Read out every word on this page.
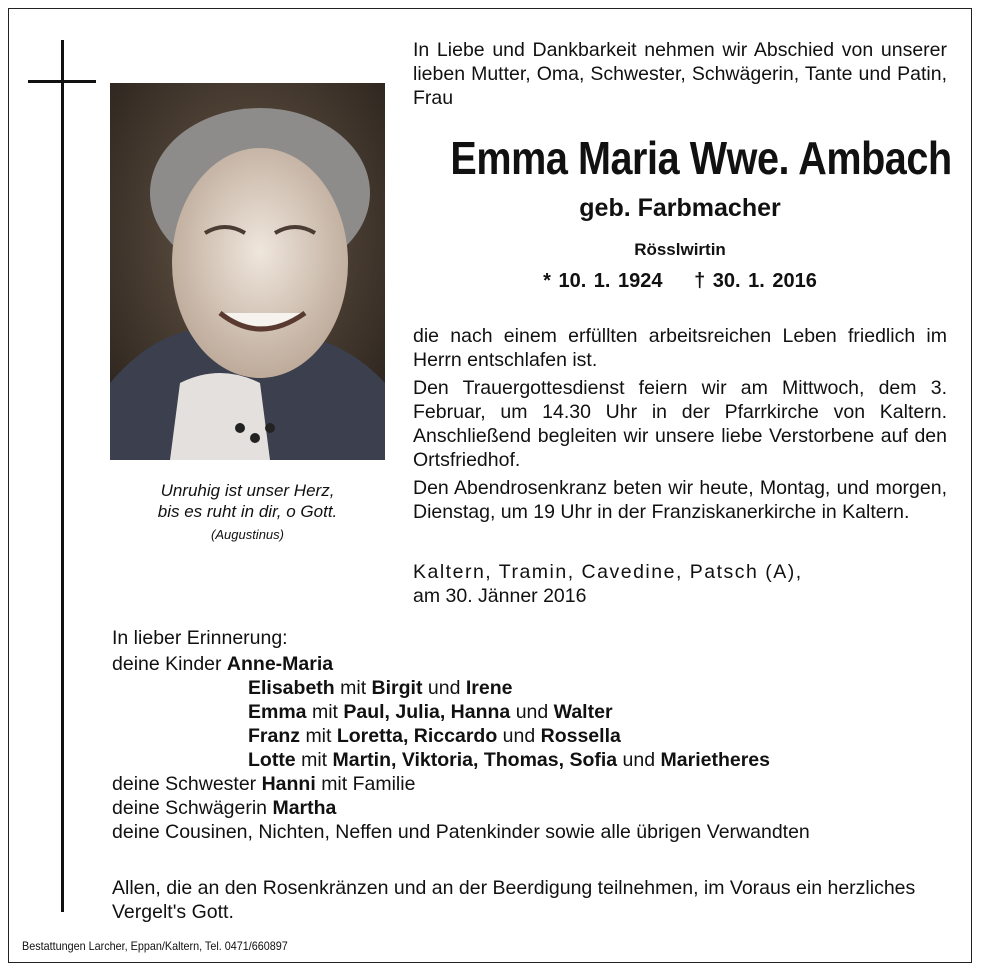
Unruhig ist unser Herz,
bis es ruht in dir, o Gott.
(Augustinus)

In Liebe und Dankbarkeit nehmen wir Abschied von unserer lieben Mutter, Oma, Schwester, Schwägerin, Tante und Patin, Frau

Emma Maria Wwe. Ambach
geb. Farbmacher
Rösslwirtin
* 10. 1. 1924 † 30. 1. 2016

die nach einem erfüllten arbeitsreichen Leben friedlich im Herrn entschlafen ist.

Den Trauergottesdienst feiern wir am Mittwoch, dem 3. Februar, um 14.30 Uhr in der Pfarrkirche von Kaltern. Anschließend begleiten wir unsere liebe Verstorbene auf den Ortsfriedhof.

Den Abendrosenkranz beten wir heute, Montag, und morgen, Dienstag, um 19 Uhr in der Franziskanerkirche in Kaltern.

Kaltern, Tramin, Cavedine, Patsch (A),

am 30. Jänner 2016

In lieber Erinnerung:
deine Kinder Anne-Maria
Elisabeth mit Birgit und Irene
Emma mit Paul, Julia, Hanna und Walter
Franz mit Loretta, Riccardo und Rossella
Lotte mit Martin, Viktoria, Thomas, Sofia und Marietheres
deine Schwester Hanni mit Familie
deine Schwägerin Martha
deine Cousinen, Nichten, Neffen und Patenkinder sowie alle übrigen Verwandten

Allen, die an den Rosenkränzen und an der Beerdigung teilnehmen, im Voraus ein herzliches Vergelt's Gott.

Bestattungen Larcher, Eppan/Kaltern, Tel. 0471/660897
